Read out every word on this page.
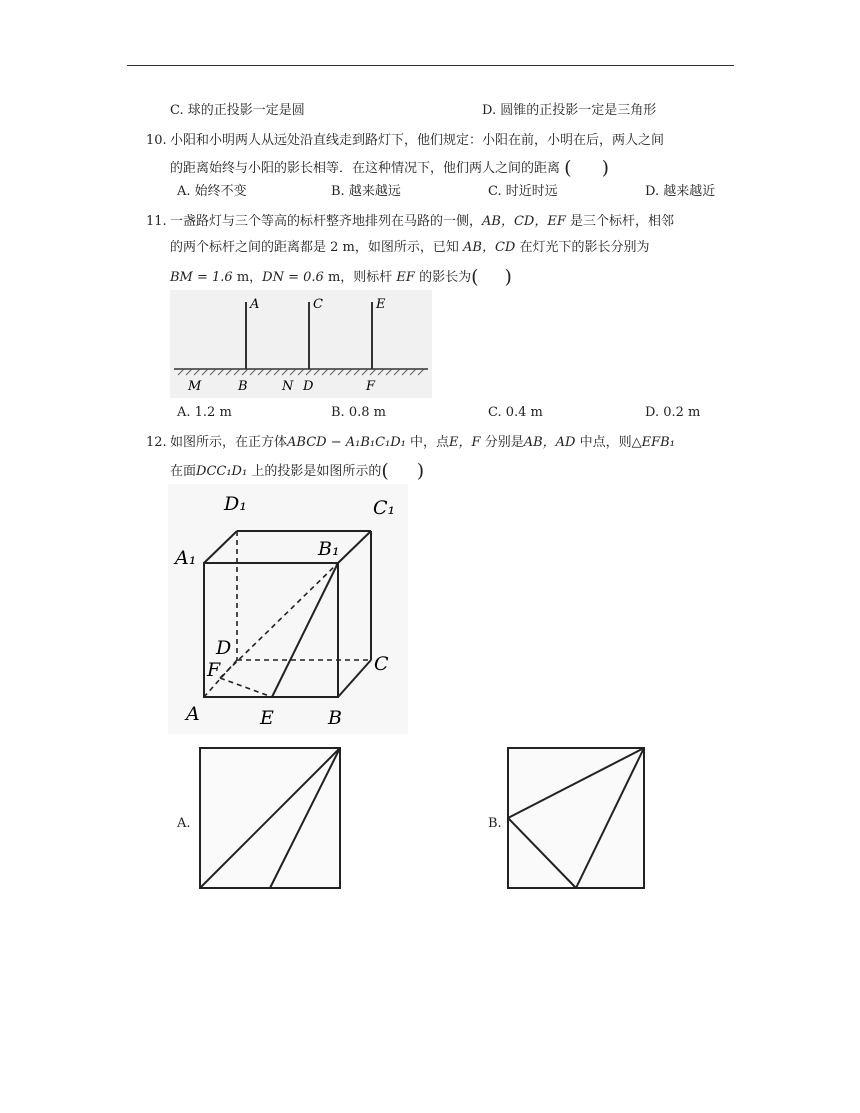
C. 球的正投影一定是圆	D. 圆锥的正投影一定是三角形
10. 小阳和小明两人从远处沿直线走到路灯下，他们规定：小阳在前，小明在后，两人之间
的距离始终与小阳的影长相等．在这种情况下，他们两人之间的距离 ( )
A. 始终不变	B. 越来越远	C. 时近时远	D. 越来越近
11. 一盏路灯与三个等高的标杆整齐地排列在马路的一侧，AB，CD，EF 是三个标杆，相邻
的两个标杆之间的距离都是 2 m，如图所示，已知 AB，CD 在灯光下的影长分别为
BM = 1.6 m，DN = 0.6 m，则标杆 EF 的影长为( )
A	C	E
M	B	N D	F
A. 1.2 m	B. 0.8 m	C. 0.4 m	D. 0.2 m
12. 如图所示，在正方体ABCD − A₁B₁C₁D₁ 中，点E，F 分别是AB，AD 中点，则△EFB₁
在面DCC₁D₁ 上的投影是如图所示的( )
D₁	C₁
A₁	B₁
D
C
F
A	E	B
A.	B.
